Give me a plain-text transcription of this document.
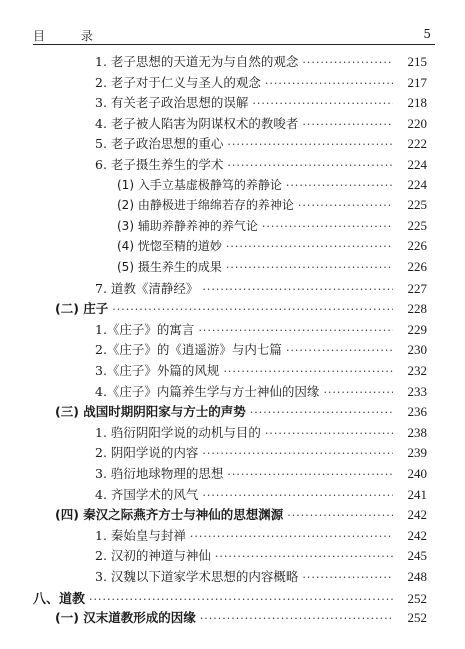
目 录	5
1. 老子思想的天道无为与自然的观念 ·····	215
2. 老子对于仁义与圣人的观念 ·····	217
3. 有关老子政治思想的误解 ·····	218
4. 老子被人陷害为阴谋权术的教唆者 ·····	220
5. 老子政治思想的重心 ·····	222
6. 老子摄生养生的学术 ·····	224
(1) 入手立基虚极静笃的养静论 ·····	224
(2) 由静极进于绵绵若存的养神论 ·····	225
(3) 辅助养静养神的养气论 ·····	225
(4) 恍惚至精的道妙 ·····	226
(5) 摄生养生的成果 ·····	226
7. 道教《清静经》 ·····	227
(二) 庄子 ·····	228
1.《庄子》的寓言 ·····	229
2.《庄子》的《逍遥游》与内七篇 ·····	230
3.《庄子》外篇的风规 ·····	232
4.《庄子》内篇养生学与方士神仙的因缘 ·····	233
(三) 战国时期阴阳家与方士的声势 ·····	236
1. 驺衍阴阳学说的动机与目的 ·····	238
2. 阴阳学说的内容 ·····	239
3. 驺衍地球物理的思想 ·····	240
4. 齐国学术的风气 ·····	241
(四) 秦汉之际燕齐方士与神仙的思想渊源 ·····	242
1. 秦始皇与封禅 ·····	242
2. 汉初的神道与神仙 ·····	245
3. 汉魏以下道家学术思想的内容概略 ·····	248
八、道教 ·····	252
(一) 汉末道教形成的因缘 ·····	252
